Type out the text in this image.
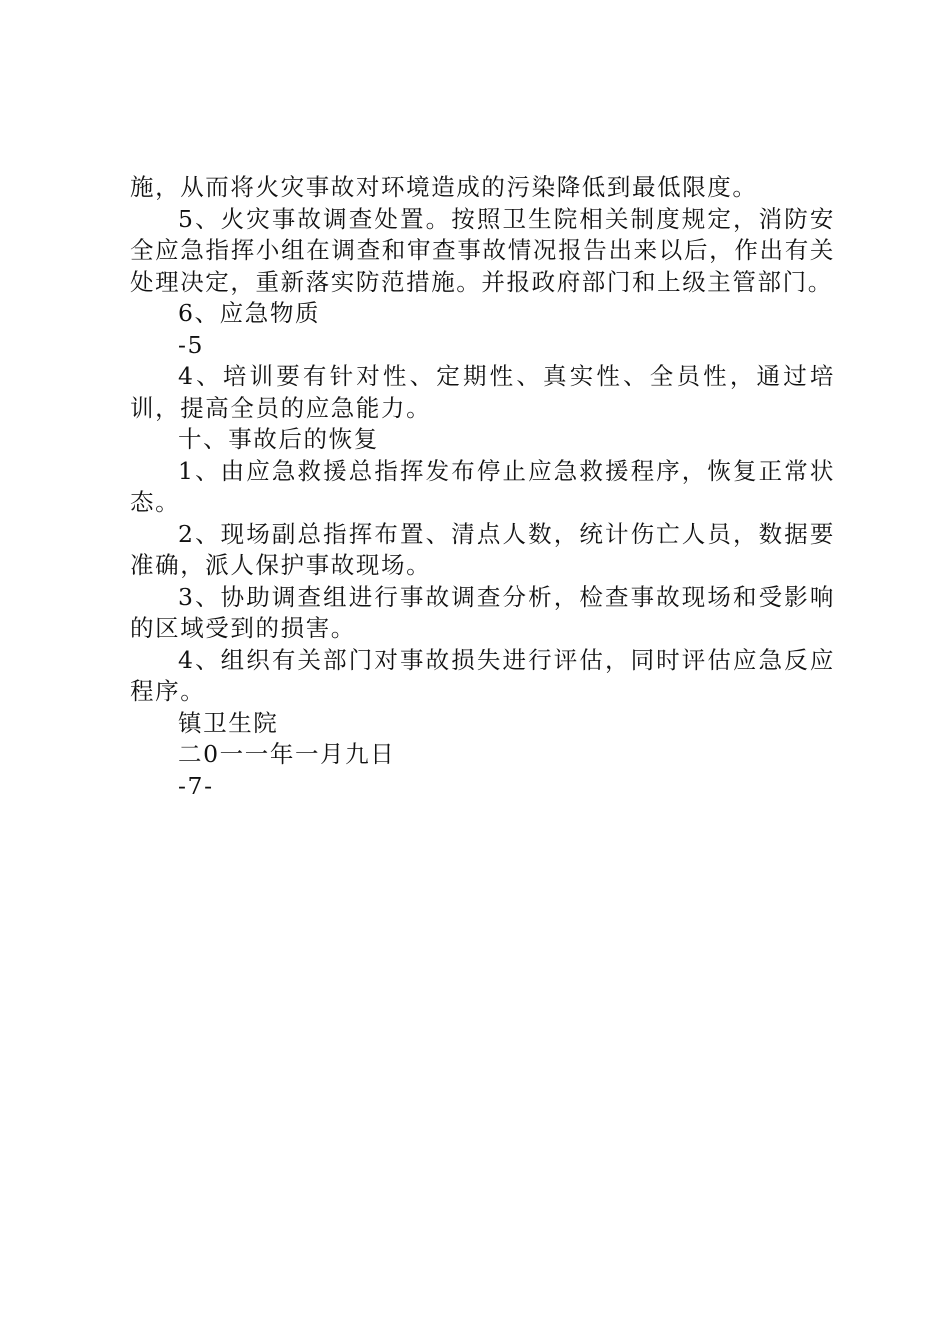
施，从而将火灾事故对环境造成的污染降低到最低限度。

5、火灾事故调查处置。按照卫生院相关制度规定，消防安全应急指挥小组在调查和审查事故情况报告出来以后，作出有关处理决定，重新落实防范措施。并报政府部门和上级主管部门。

6、应急物质

-5

4、培训要有针对性、定期性、真实性、全员性，通过培训，提高全员的应急能力。

十、事故后的恢复

1、由应急救援总指挥发布停止应急救援程序，恢复正常状态。

2、现场副总指挥布置、清点人数，统计伤亡人员，数据要准确，派人保护事故现场。

3、协助调查组进行事故调查分析，检查事故现场和受影响的区域受到的损害。

4、组织有关部门对事故损失进行评估，同时评估应急反应程序。

镇卫生院

二0一一年一月九日

-7-
